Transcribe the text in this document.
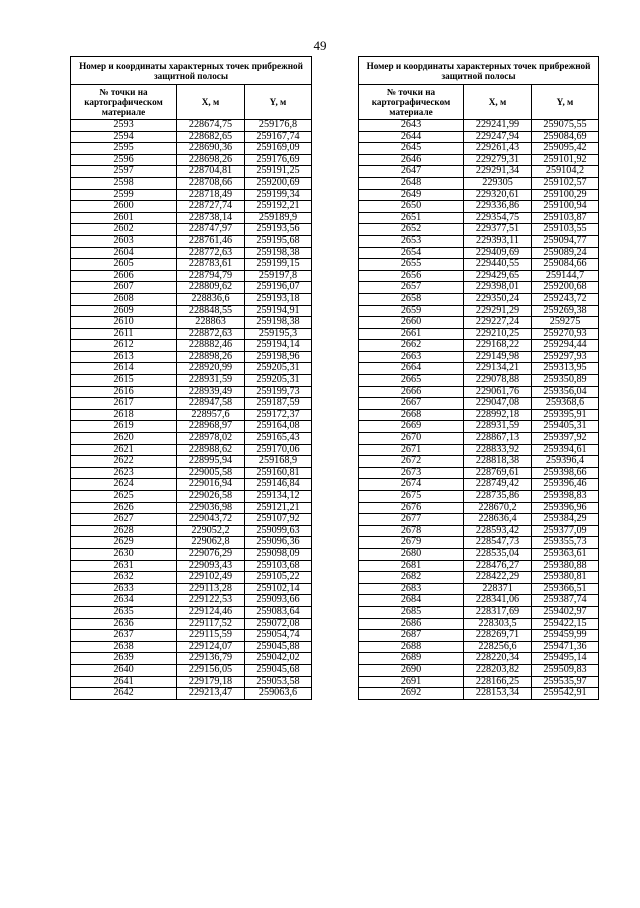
49
Номер и координаты характерных точек прибрежной защитной полосы		
№ точки на картографическом материале	X, м	Y, м
2593	228674,75	259176,8
2594	228682,65	259167,74
2595	228690,36	259169,09
2596	228698,26	259176,69
2597	228704,81	259191,25
2598	228708,66	259200,69
2599	228718,49	259199,34
2600	228727,74	259192,21
2601	228738,14	259189,9
2602	228747,97	259193,56
2603	228761,46	259195,68
2604	228772,63	259198,38
2605	228783,61	259199,15
2606	228794,79	259197,8
2607	228809,62	259196,07
2608	228836,6	259193,18
2609	228848,55	259194,91
2610	228863	259198,38
2611	228872,63	259195,3
2612	228882,46	259194,14
2613	228898,26	259198,96
2614	228920,99	259205,31
2615	228931,59	259205,31
2616	228939,49	259199,73
2617	228947,58	259187,59
2618	228957,6	259172,37
2619	228968,97	259164,08
2620	228978,02	259165,43
2621	228988,62	259170,06
2622	228995,94	259168,9
2623	229005,58	259160,81
2624	229016,94	259146,84
2625	229026,58	259134,12
2626	229036,98	259121,21
2627	229043,72	259107,92
2628	229052,2	259099,63
2629	229062,8	259096,36
2630	229076,29	259098,09
2631	229093,43	259103,68
2632	229102,49	259105,22
2633	229113,28	259102,14
2634	229122,53	259093,66
2635	229124,46	259083,64
2636	229117,52	259072,08
2637	229115,59	259054,74
2638	229124,07	259045,88
2639	229136,79	259042,02
2640	229156,05	259045,68
2641	229179,18	259053,58
2642	229213,47	259063,6
Номер и координаты характерных точек прибрежной защитной полосы		
№ точки на картографическом материале	X, м	Y, м
2643	229241,99	259075,55
2644	229247,94	259084,69
2645	229261,43	259095,42
2646	229279,31	259101,92
2647	229291,34	259104,2
2648	229305	259102,57
2649	229320,61	259100,29
2650	229336,86	259100,94
2651	229354,75	259103,87
2652	229377,51	259103,55
2653	229393,11	259094,77
2654	229409,69	259089,24
2655	229440,55	259084,66
2656	229429,65	259144,7
2657	229398,01	259200,68
2658	229350,24	259243,72
2659	229291,29	259269,38
2660	229227,24	259275
2661	229210,25	259270,93
2662	229168,22	259294,44
2663	229149,98	259297,93
2664	229134,21	259313,95
2665	229078,88	259350,89
2666	229061,76	259356,04
2667	229047,08	259368,6
2668	228992,18	259395,91
2669	228931,59	259405,31
2670	228867,13	259397,92
2671	228833,92	259394,61
2672	228818,38	259396,4
2673	228769,61	259398,66
2674	228749,42	259396,46
2675	228735,86	259398,83
2676	228670,2	259396,96
2677	228636,4	259384,29
2678	228593,42	259377,09
2679	228547,73	259355,73
2680	228535,04	259363,61
2681	228476,27	259380,88
2682	228422,29	259380,81
2683	228371	259366,51
2684	228341,06	259387,74
2685	228317,69	259402,97
2686	228303,5	259422,15
2687	228269,71	259459,99
2688	228256,6	259471,36
2689	228220,34	259495,14
2690	228203,82	259509,83
2691	228166,25	259535,97
2692	228153,34	259542,91
